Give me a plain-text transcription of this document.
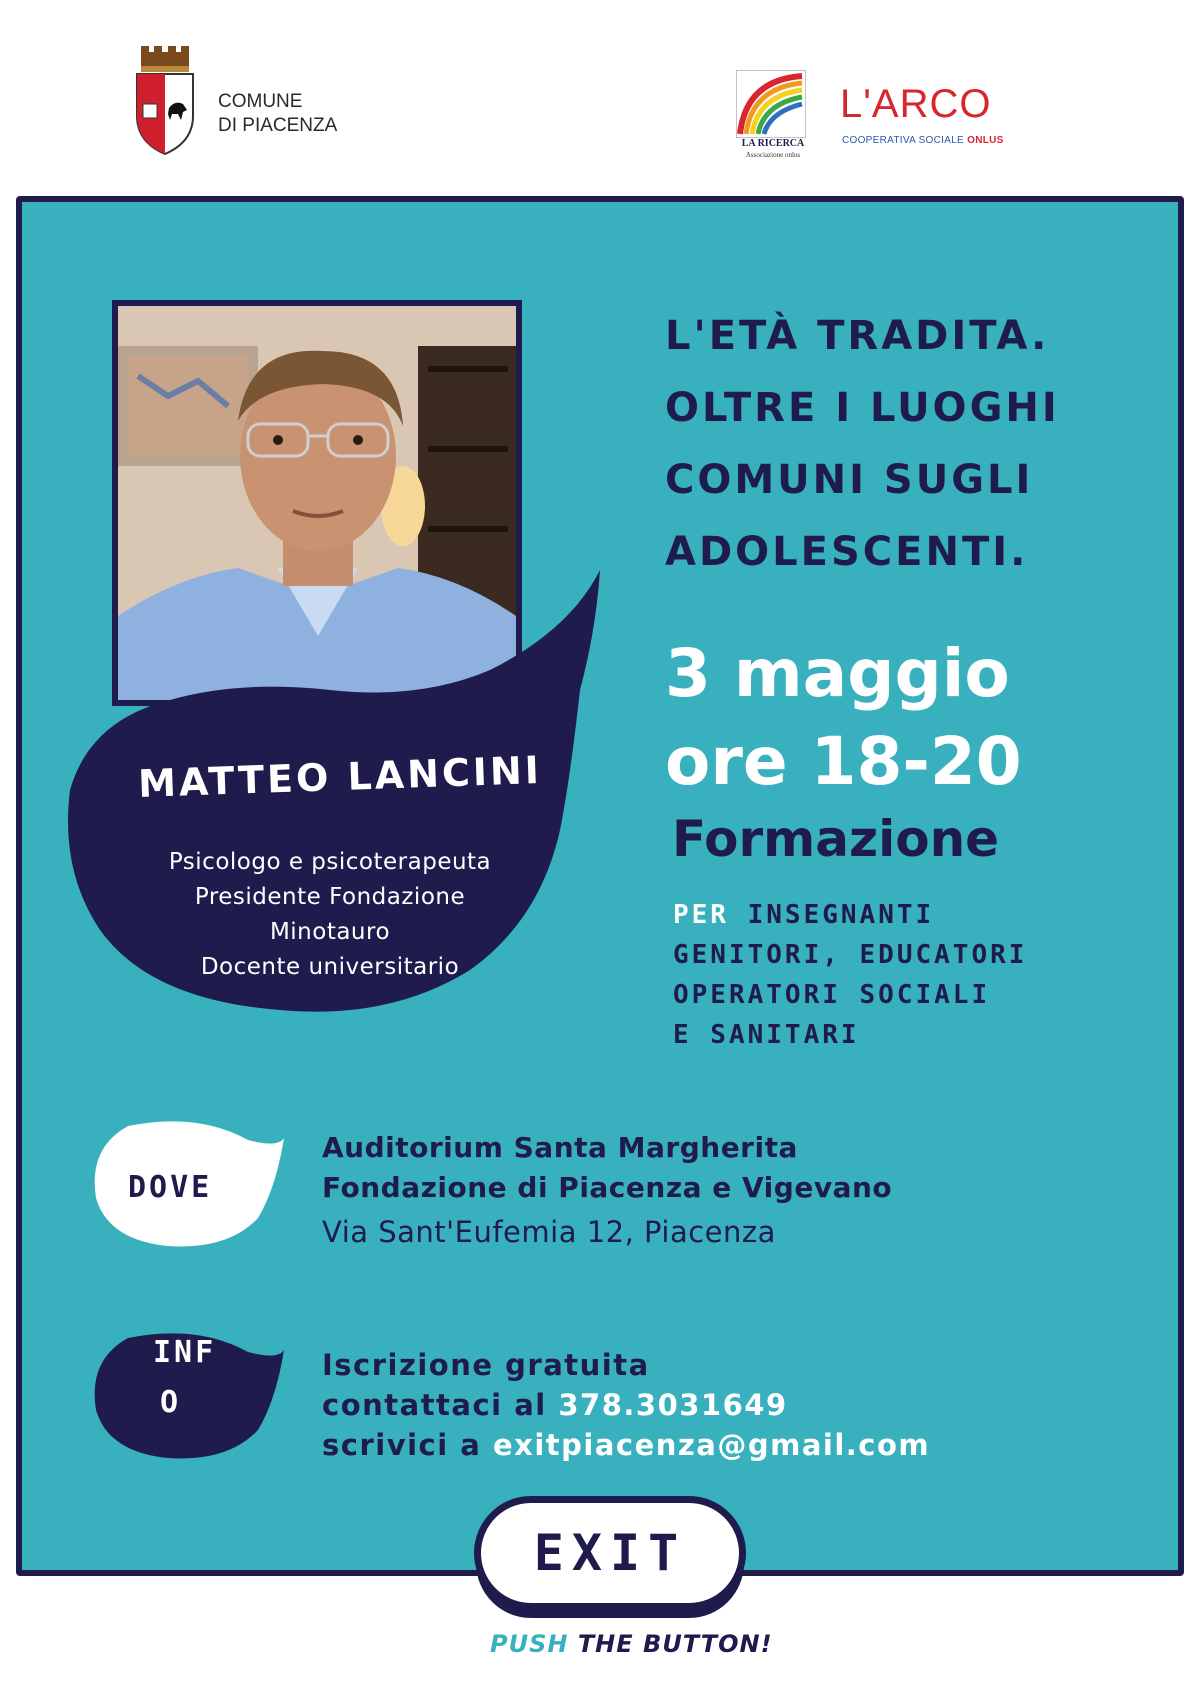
COMUNE
DI PIACENZA
LA RICERCA
Associazione onlus
L'ARCO
COOPERATIVA SOCIALE ONLUS
MATTEO LANCINI
Psicologo e psicoterapeuta
Presidente Fondazione
Minotauro
Docente universitario
L'ETÀ TRADITA.
OLTRE I LUOGHI
COMUNI SUGLI
ADOLESCENTI.
3 maggio
ore 18-20
Formazione
PER INSEGNANTI
GENITORI, EDUCATORI
OPERATORI SOCIALI
E SANITARI
DOVE
Auditorium Santa Margherita
Fondazione di Piacenza e Vigevano
Via Sant'Eufemia 12, Piacenza
INF
O
Iscrizione gratuita
contattaci al 378.3031649
scrivici a exitpiacenza@gmail.com
EXIT
PUSH THE BUTTON!
